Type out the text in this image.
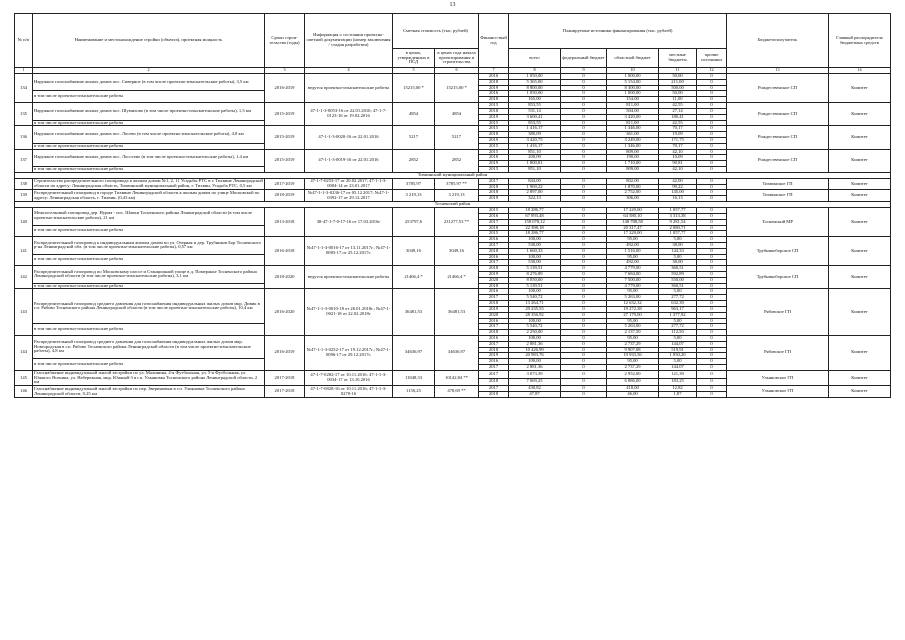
13
№ п/п	Наименование и местонахождение стройки (объекта), проектная мощность	Сроки строи-тельства (годы)	Информация о состоянии проектно-сметной документации (номер заключения / стадия разработки)	Сметная стоимость (тыс. рублей)		Финансо-вый год	Планируемые источники финансирования (тыс. рублей)					Бюджетополучатель	Главный распорядитель бюджетных средств
				в ценах, утвержденных в ПСД	в ценах года начала проектирования и строительства		всего	федеральный бюджет	областной бюджет	местные бюджеты	прочие источники		
1	2	3	4	5	6	7	8	9	10	11	12	13	14
134	Наружное газоснабжение жилых домов пос. Сиверное (в том числе проектно-изыскательские работы), 3,5 км	2016-2019	ведутся проектно-изыскательские работы	15215,00 *	15215,00 *	2016	1 050,00	0	1 000,00	50,00	0	Рождественское СП	Комитет
						2018	5 365,00	0	5 154,00	211,00	0		
						2019	8 800,00	0	8 300,00	500,00	0		
	в том числе проектно-изыскательские работы					2016	1 050,00	0	1 000,00	50,00	0		
						2018	165,00	0	154,00	11,00	0		
135	Наружное газоснабжение жилых домов пос. Шумилово (в том числе проектно-изыскательские работы), 1,5 км	2015-2019	47-1-1-3-0053-16 от 22.01.2016; 47-1-7-0123-16 от 19.02.2016	4854	4854	2015	853,55	0	811,00	42,55	0	Рождественское СП	Комитет
						2018	531,14	0	504,00	27,14	0		
						2019	3 600,41	0	3 420,00	180,41	0		
	в том числе проектно-изыскательские работы					2015	853,55	0	811,00	42,55	0		
136	Наружное газоснабжение жилых домов пос. Лосево (в том числе проектно-изыскательские работы), 4,8 км	2015-2019	47-1-1-3-0020-16 от 22.01.2016	5217	5217	2015	1 416,17	0	1 346,00	70,17	0	Рождественское СП	Комитет
						2018	380,09	0	361,00	19,09	0		
						2019	3 420,75	0	3 249,00	171,75	0		
	в том числе проектно-изыскательские работы					2015	1 416,17	0	1 346,00	70,17	0		
137	Наружное газоснабжение жилых домов пос. Лососево (в том числе проектно-изыскательские работы), 1,4 км	2015-2019	47-1-1-3-0019-16 от 22.01.2016	2852	2852	2015	851,10	0	809,00	42,10	0	Рождественское СП	Комитет
						2018	200,09	0	190,00	10,09	0		
						2019	1 800,81	0	1 710,00	90,81	0		
	в том числе проектно-изыскательские работы					2015	851,10	0	809,00	42,10	0		
Тихвинский муниципальный район													
138	Строительство распределительного газопровода к жилым домам №1, 2, 11 Усадьбы РТС в г. Тихвине Ленинградской области по адресу: Ленинградская область, Тихвинский муниципальный район, г. Тихвин, Усадьба РТС, 0,5 км	2017-2019	47-1-7-0253-17 от 20.02.2017; 47-1-1-3-0004-14 от 23.01.2017	3785,97	3785,97 **	2017	844,00	0	802,00	42,00	0	Тихвинское ГП	Комитет
						2018	1 969,22	0	1 870,00	99,22	0		
139	Распределительный газопровод в городе Тихвине Ленинградской области к жилым домам по улице Московской по адресу: Ленинградская область, г. Тихвин, (0,43 км)	2018-2019	№47-1-1-3-0236-17 от 05.12.2017; №47-1-0392-17 от 29.12.2017	3 219,13	3 219,13	2018	2 897,00	0	2 752,00	145,00	0	Тихвинское ГП	Комитет
						2019	322,13	0	306,00	16,13	0		
Тосненский район													
140	Межпоселковый газопровод дер. Нурма - пос. Шапки Тосненского района Ленинградской области (в том числе проектно-изыскательские работы), 21 км	2013-2018	38-47-1-7-0-17-16 от 17.03.2016г	253797,6	231277,53 **	2015	18 286,77	0	17 229,00	1 057,77	0	Тосненский МР	Комитет
						2016	67 893,48	0	64 580,10	3 313,38	0		
						2017	158 070,12	0	148 788,58	9 281,54	0		
	в том числе проектно-изыскательские работы					2018	22 398,18	0	20 317,47	2 080,71	0		
						2015	18 286,77	0	17 229,00	1 057,77	0		
141	Распределительный газопровод к индивидуальным жилым домам по ул. Озерная и дер. Трубников Бор Тосненского р-на Ленинградской обл. (в том числе проектно-изыскательские работы), 0,57 км	2016-2018	№47-1-1-3-0016-17 от 13.11.2017г.; №47-1-0083-17 от 25.12.2017г.	3049,16	3049,16	2016	100,00	0	95,00	5,00	0	Трубникоборское СП	Комитет
						2017	530,00	0	492,00	38,00	0		
						2018	1 660,33	0	1 516,00	144,33	0		
	в том числе проектно-изыскательские работы					2016	100,00	0	95,00	5,00	0		
						2017	530,00	0	492,00	38,00	0		
142	Распределительный газопровод по Московскому шоссе и Станционной улице в д. Померанье Тосненского района Ленинградской области (в том числе проектно-изыскательские работы), 3,1 км	2018-2020	ведутся проектно-изыскательские работы	21466,4 *	21466,4 *	2018	5 139,51	0	4 779,00	360,51	0	Трубникоборское СП	Комитет
						2019	8 276,89	0	7 684,00	592,89	0		
						2020	8 050,00	0	7 500,00	550,00	0		
	в том числе проектно-изыскательские работы					2018	5 139,51	0	4 779,00	360,51	0		
143	Распределительный газопровод среднего давления для газоснабжения индивидуальных жилых домов мкр. Дивик в г.п. Рябово Тосненского района Ленинградской области (в том числе проектно-изыскательские работы), 10,4 км	2016-2020	№47-1-1-3-0010-18 от 26.01.2018г.; №47-1-0021-18 от 22.02.2018г	36481,53	36481,53	2016	100,00	0	95,00	5,00	0	Рябовское ГП	Комитет
						2017	5 540,72	0	5 263,00	277,72	0		
						2018	13 264,71	0	12 632,32	632,39	0		
						2019	29 235,55	0	19 272,38	963,17	0		
						2020	28 356,92	0	27 179,00	1 377,92	0		
						2016	100,00	0	95,00	5,00	0		
	в том числе проектно-изыскательские работы					2017	5 540,72	0	5 263,00	277,72	0		
						2018	2 250,00	0	2 137,50	112,50	0		
144	Распределительный газопровод среднего давления для газоснабжения индивидуальных жилых домов мкр. Новгородская в г.п. Рябово Тосненского района Ленинградской области (в том числе проектно-изыскательские работы), 4,8 км	2016-2019	№47-1-1-3-0252-17 от 19.12.2017г.; №47-1-0096-17 от 29.12.2017г.	34636,97	34636,97	2016	100,00	0	95,00	5,00	0	Рябовское ГП	Комитет
						2017	2 881,36	0	2 737,29	144,07	0		
						2018	10 426,99	0	9 907,08	519,91	0		
						2019	20 983,76	0	19 933,56	1 050,20	0		
	в том числе проектно-изыскательские работы					2016	100,00	0	95,00	5,00	0		
						2017	2 881,36	0	2 737,29	144,07	0		
145	Газоснабжение индивидуальной жилой застройки по ул. Малинина, 4-я Футбольная, ул. 5-я Футбольная, ул. Южного Ясеника, ул. Набережная, мкр. Южный-3 в г.п. Ульяновка Тосненского района Ленинградской области, 2 км	2017-2018	47-1-7-0282-17 от 10.11.2016; 47-1-1-3-0034-17 от 13.10.2016	11848,33	10142,84 **	2017	3 073,39	0	2 952,00	121,39	0	Ульяновское ГП	Комитет
						2018	7 069,25	0	6 886,00	183,25	0		
146	Газоснабжение индивидуальной жилой застройки по пер. Звериновым в г.п. Ульяновка Тосненского района Ленинградской области, 0,25 км	2017-2018	47-1-7-0828-16 от 10.11.2016; 47-1-1-3-0270-16	1150,25	478,69 **	2017	430,82	0	418,00	12,82	0	Ульяновское ГП	Комитет
						2018	47,87	0	46,00	1,87	0		
